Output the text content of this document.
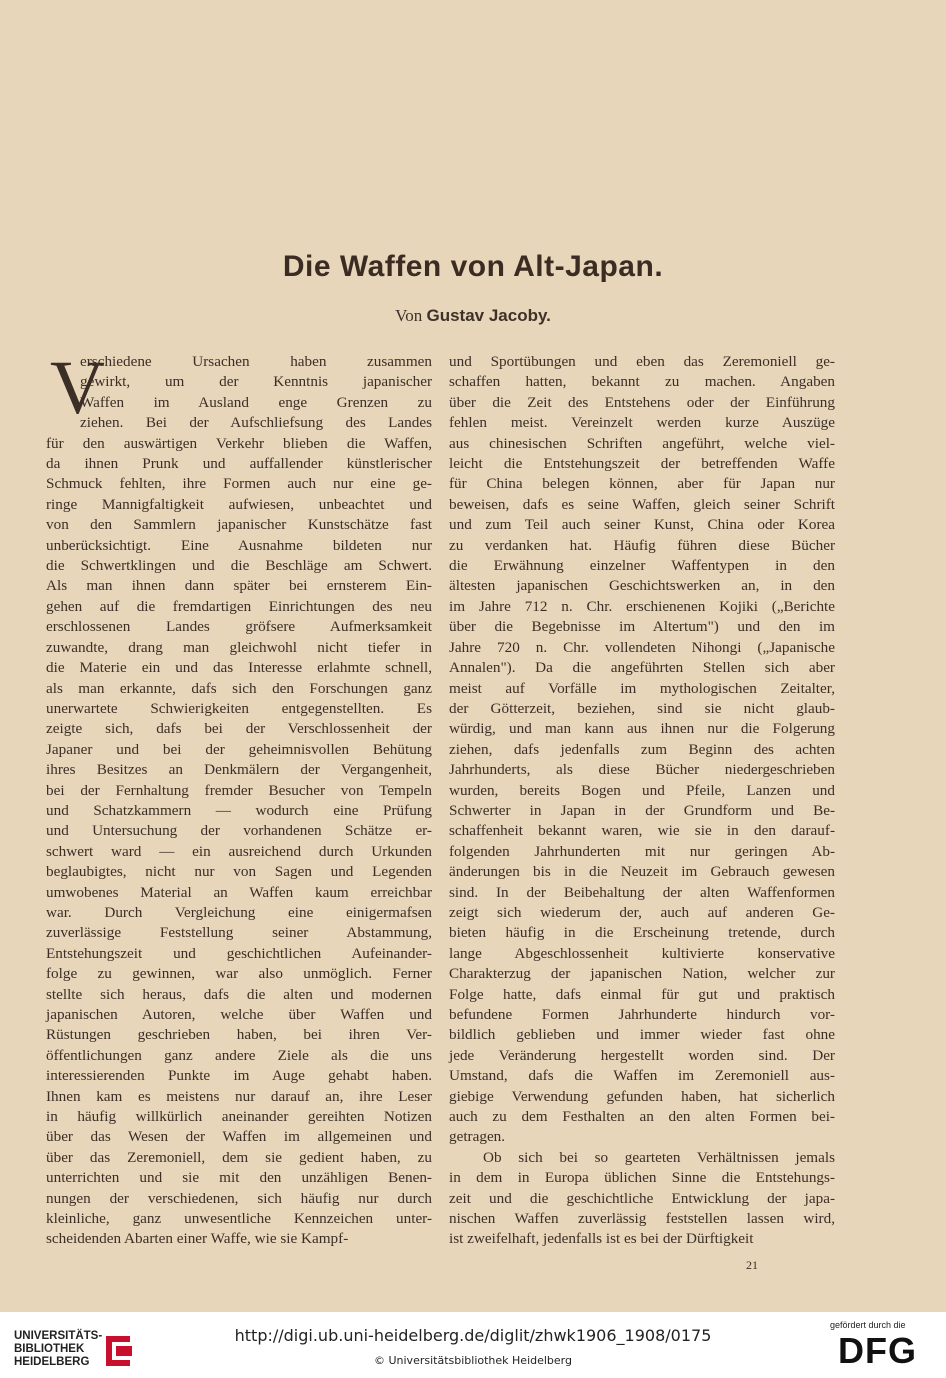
Die Waffen von Alt-Japan.
Von Gustav Jacoby.
V
erschiedene Ursachen haben zusammen
gewirkt, um der Kenntnis japanischer
Waffen im Ausland enge Grenzen zu
ziehen. Bei der Aufschliefsung des Landes
für den auswärtigen Verkehr blieben die Waffen,
da ihnen Prunk und auffallender künstlerischer
Schmuck fehlten, ihre Formen auch nur eine ge-
ringe Mannigfaltigkeit aufwiesen, unbeachtet und
von den Sammlern japanischer Kunstschätze fast
unberücksichtigt. Eine Ausnahme bildeten nur
die Schwertklingen und die Beschläge am Schwert.
Als man ihnen dann später bei ernsterem Ein-
gehen auf die fremdartigen Einrichtungen des neu
erschlossenen Landes gröfsere Aufmerksamkeit
zuwandte, drang man gleichwohl nicht tiefer in
die Materie ein und das Interesse erlahmte schnell,
als man erkannte, dafs sich den Forschungen ganz
unerwartete Schwierigkeiten entgegenstellten. Es
zeigte sich, dafs bei der Verschlossenheit der
Japaner und bei der geheimnisvollen Behütung
ihres Besitzes an Denkmälern der Vergangenheit,
bei der Fernhaltung fremder Besucher von Tempeln
und Schatzkammern — wodurch eine Prüfung
und Untersuchung der vorhandenen Schätze er-
schwert ward — ein ausreichend durch Urkunden
beglaubigtes, nicht nur von Sagen und Legenden
umwobenes Material an Waffen kaum erreichbar
war. Durch Vergleichung eine einigermafsen
zuverlässige Feststellung seiner Abstammung,
Entstehungszeit und geschichtlichen Aufeinander-
folge zu gewinnen, war also unmöglich. Ferner
stellte sich heraus, dafs die alten und modernen
japanischen Autoren, welche über Waffen und
Rüstungen geschrieben haben, bei ihren Ver-
öffentlichungen ganz andere Ziele als die uns
interessierenden Punkte im Auge gehabt haben.
Ihnen kam es meistens nur darauf an, ihre Leser
in häufig willkürlich aneinander gereihten Notizen
über das Wesen der Waffen im allgemeinen und
über das Zeremoniell, dem sie gedient haben, zu
unterrichten und sie mit den unzähligen Benen-
nungen der verschiedenen, sich häufig nur durch
kleinliche, ganz unwesentliche Kennzeichen unter-
scheidenden Abarten einer Waffe, wie sie Kampf-
und Sportübungen und eben das Zeremoniell ge-
schaffen hatten, bekannt zu machen. Angaben
über die Zeit des Entstehens oder der Einführung
fehlen meist. Vereinzelt werden kurze Auszüge
aus chinesischen Schriften angeführt, welche viel-
leicht die Entstehungszeit der betreffenden Waffe
für China belegen können, aber für Japan nur
beweisen, dafs es seine Waffen, gleich seiner Schrift
und zum Teil auch seiner Kunst, China oder Korea
zu verdanken hat. Häufig führen diese Bücher
die Erwähnung einzelner Waffentypen in den
ältesten japanischen Geschichtswerken an, in den
im Jahre 712 n. Chr. erschienenen Kojiki („Berichte
über die Begebnisse im Altertum") und den im
Jahre 720 n. Chr. vollendeten Nihongi („Japanische
Annalen"). Da die angeführten Stellen sich aber
meist auf Vorfälle im mythologischen Zeitalter,
der Götterzeit, beziehen, sind sie nicht glaub-
würdig, und man kann aus ihnen nur die Folgerung
ziehen, dafs jedenfalls zum Beginn des achten
Jahrhunderts, als diese Bücher niedergeschrieben
wurden, bereits Bogen und Pfeile, Lanzen und
Schwerter in Japan in der Grundform und Be-
schaffenheit bekannt waren, wie sie in den darauf-
folgenden Jahrhunderten mit nur geringen Ab-
änderungen bis in die Neuzeit im Gebrauch gewesen
sind. In der Beibehaltung der alten Waffenformen
zeigt sich wiederum der, auch auf anderen Ge-
bieten häufig in die Erscheinung tretende, durch
lange Abgeschlossenheit kultivierte konservative
Charakterzug der japanischen Nation, welcher zur
Folge hatte, dafs einmal für gut und praktisch
befundene Formen Jahrhunderte hindurch vor-
bildlich geblieben und immer wieder fast ohne
jede Veränderung hergestellt worden sind. Der
Umstand, dafs die Waffen im Zeremoniell aus-
giebige Verwendung gefunden haben, hat sicherlich
auch zu dem Festhalten an den alten Formen bei-
getragen.
Ob sich bei so gearteten Verhältnissen jemals
in dem in Europa üblichen Sinne die Entstehungs-
zeit und die geschichtliche Entwicklung der japa-
nischen Waffen zuverlässig feststellen lassen wird,
ist zweifelhaft, jedenfalls ist es bei der Dürftigkeit
21
UNIVERSITÄTS-
BIBLIOTHEK
HEIDELBERG
http://digi.ub.uni-heidelberg.de/diglit/zhwk1906_1908/0175
© Universitätsbibliothek Heidelberg
gefördert durch die
DFG
